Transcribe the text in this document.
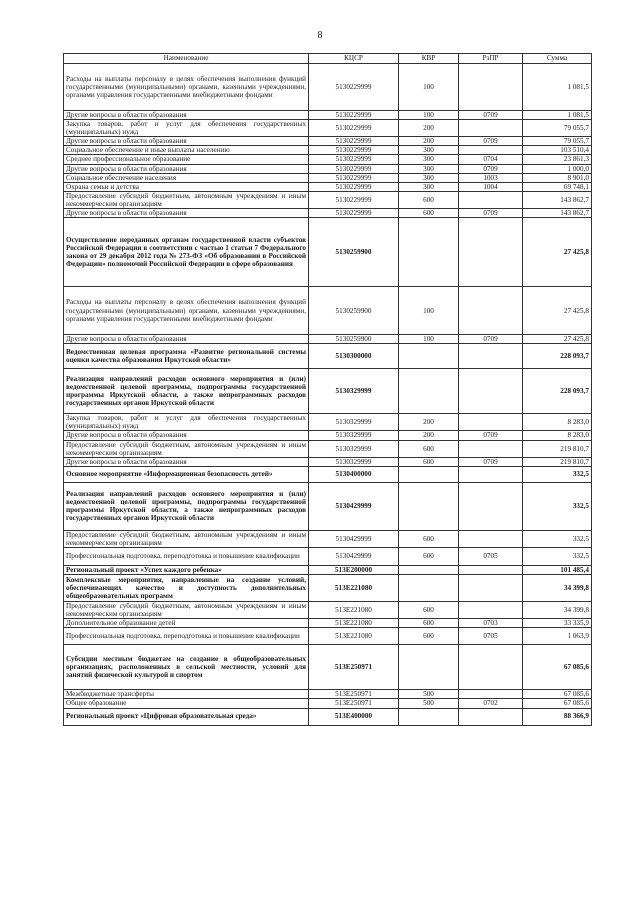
8
Наименование	КЦСР	КВР	РзПР	Сумма
Расходы на выплаты персоналу в целях обеспечения выполнения функций государственными (муниципальными) органами, казенными учреждениями, органами управления государственными внебюджетными фондами	5130229999	100		1 081,5
Другие вопросы в области образования	5130229999	100	0709	1 081,5
Закупка товаров, работ и услуг для обеспечения государственных (муниципальных) нужд	5130229999	200		79 055,7
Другие вопросы в области образования	5130229999	200	0709	79 055,7
Социальное обеспечение и иные выплаты населению	5130229999	300		103 510,4
Среднее профессиональное образование	5130229999	300	0704	23 861,3
Другие вопросы в области образования	5130229999	300	0709	1 000,0
Социальное обеспечение населения	5130229999	300	1003	8 901,0
Охрана семьи и детства	5130229999	300	1004	69 748,1
Предоставление субсидий бюджетным, автономным учреждениям и иным некоммерческим организациям	5130229999	600		143 862,7
Другие вопросы в области образования	5130229999	600	0709	143 862,7
Осуществление переданных органам государственной власти субъектов Российской Федерации в соответствии с частью 1 статьи 7 Федерального закона от 29 декабря 2012 года № 273-ФЗ «Об образовании в Российской Федерации» полномочий Российской Федерации в сфере образования	5130259900			27 425,8
Расходы на выплаты персоналу в целях обеспечения выполнения функций государственными (муниципальными) органами, казенными учреждениями, органами управления государственными внебюджетными фондами	5130259900	100		27 425,8
Другие вопросы в области образования	5130259900	100	0709	27 425,8
Ведомственная целевая программа «Развитие региональной системы оценки качества образования Иркутской области»	5130300000			228 093,7
Реализация направлений расходов основного мероприятия и (или) ведомственной целевой программы, подпрограммы государственной программы Иркутской области, а также непрограммных расходов государственных органов Иркутской области	5130329999			228 093,7
Закупка товаров, работ и услуг для обеспечения государственных (муниципальных) нужд	5130329999	200		8 283,0
Другие вопросы в области образования	5130329999	200	0709	8 283,0
Предоставление субсидий бюджетным, автономным учреждениям и иным некоммерческим организациям	5130329999	600		219 810,7
Другие вопросы в области образования	5130329999	600	0709	219 810,7
Основное мероприятие «Информационная безопасность детей»	5130400000			332,5
Реализация направлений расходов основного мероприятия и (или) ведомственной целевой программы, подпрограммы государственной программы Иркутской области, а также непрограммных расходов государственных органов Иркутской области	5130429999			332,5
Предоставление субсидий бюджетным, автономным учреждениям и иным некоммерческим организациям	5130429999	600		332,5
Профессиональная подготовка, переподготовка и повышение квалификации	5130429999	600	0705	332,5
Региональный проект «Успех каждого ребенка»	513E200000			101 485,4
Комплексные мероприятия, направленные на создание условий, обеспечивающих качество и доступность дополнительных общеобразовательных программ	513E221080			34 399,8
Предоставление субсидий бюджетным, автономным учреждениям и иным некоммерческим организациям	513E221080	600		34 399,8
Дополнительное образование детей	513E221080	600	0703	33 335,9
Профессиональная подготовка, переподготовка и повышение квалификации	513E221080	600	0705	1 063,9
Субсидии местным бюджетам на создание в общеобразовательных организациях, расположенных в сельской местности, условий для занятий физической культурой и спортом	513E250971			67 085,6
Межбюджетные трансферты	513E250971	500		67 085,6
Общее образование	513E250971	500	0702	67 085,6
Региональный проект «Цифровая образовательная среда»	513E400000			88 366,9
